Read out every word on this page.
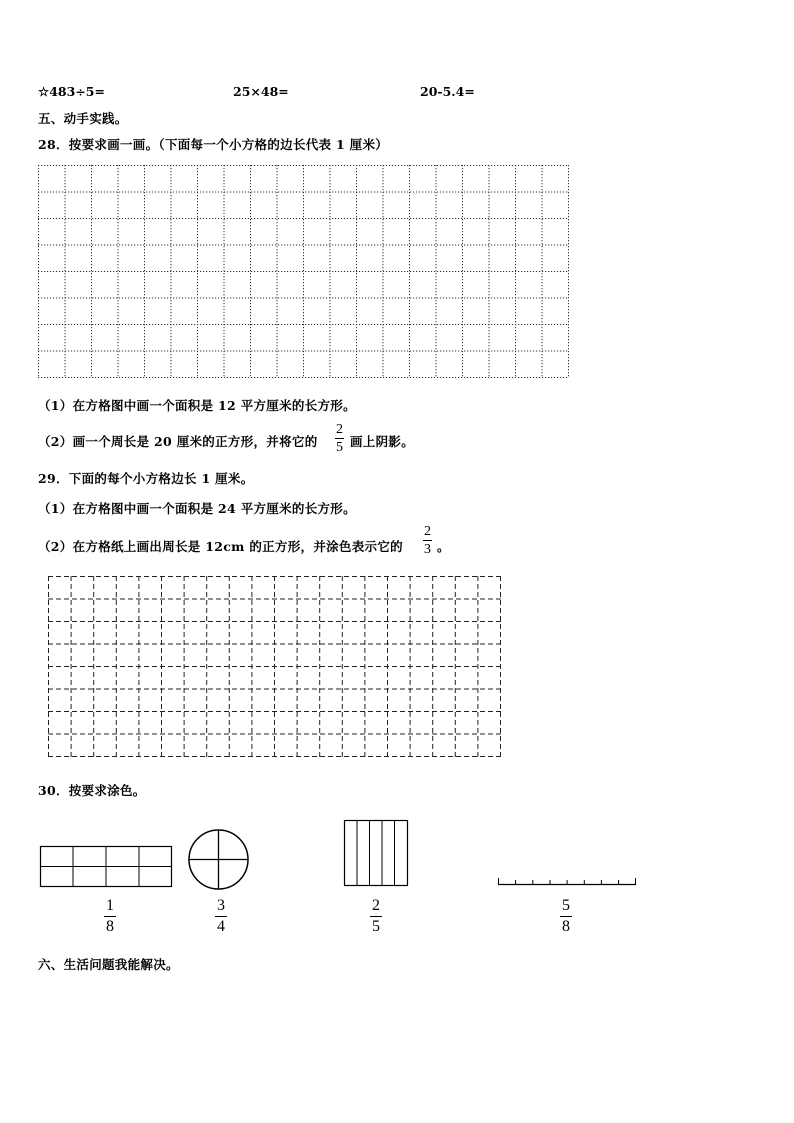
☆483÷5=	25×48=	20-5.4=
五、动手实践。
28．按要求画一画。（下面每一个小方格的边长代表 1 厘米）
（1）在方格图中画一个面积是 12 平方厘米的长方形。
（2）画一个周长是 20 厘米的正方形，并将它的
2
5 画上阴影。
29．下面的每个小方格边长 1 厘米。
（1）在方格图中画一个面积是 24 平方厘米的长方形。
（2）在方格纸上画出周长是 12cm 的正方形，并涂色表示它的
2
3 。
30．按要求涂色。
1
8
3
4
2
5
5
8
六、生活问题我能解决。
